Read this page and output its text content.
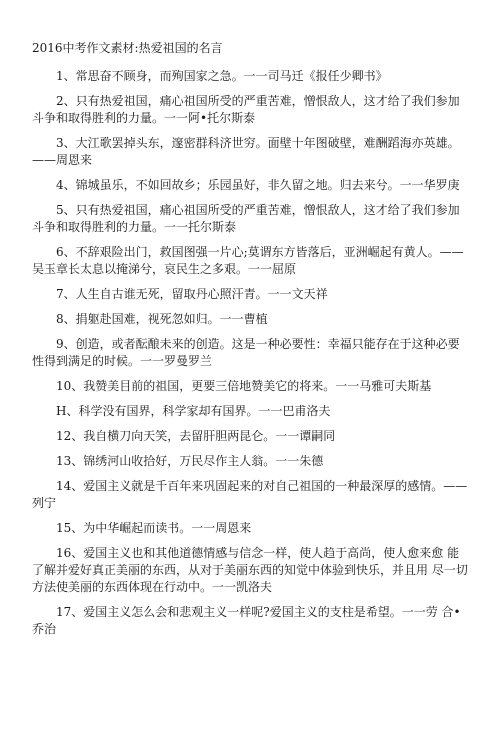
2016中考作文素材:热爱祖国的名言

1、常思奋不顾身，而殉国家之急。一一司马迁《报任少卿书》

2、只有热爱祖国，痛心祖国所受的严重苦难，憎恨敌人，这才给了我们参加斗争和取得胜利的力量。一一阿•托尔斯泰

3、大江歌罢掉头东，邃密群科济世穷。面壁十年图破壁，难酬蹈海亦英雄。——周恩来

4、锦城虽乐，不如回故乡；乐园虽好，非久留之地。归去来兮。一一华罗庚

5、只有热爱祖国，痛心祖国所受的严重苦难，憎恨敌人，这才给了我们参加斗争和取得胜利的力量。一一托尔斯泰

6、不辞艰险出门，救国图强一片心;莫谓东方皆落后，亚洲崛起有黄人。——吴玉章长太息以掩涕兮，哀民生之多艰。一一屈原

7、人生自古谁无死，留取丹心照汗青。一一文天祥

8、捐躯赴国难，视死忽如归。一一曹植

9、创造，或者酝酿未来的创造。这是一种必要性：幸福只能存在于这种必要性得到满足的时候。一一罗曼罗兰

10、我赞美目前的祖国，更要三倍地赞美它的将来。一一马雅可夫斯基

H、科学没有国界，科学家却有国界。一一巴甫洛夫

12、我自横刀向天笑，去留肝胆两昆仑。一一谭嗣同

13、锦绣河山收拾好，万民尽作主人翁。一一朱德

14、爱国主义就是千百年来巩固起来的对自己祖国的一种最深厚的感情。——列宁

15、为中华崛起而读书。一一周恩来

16、爱国主义也和其他道德情感与信念一样，使人趋于高尚，使人愈来愈 能了解并爱好真正美丽的东西，从对于美丽东西的知觉中体验到快乐，并且用 尽一切方法使美丽的东西体现在行动中。一一凯洛夫

17、爱国主义怎么会和悲观主义一样呢?爱国主义的支柱是希望。一一劳 合•乔治
